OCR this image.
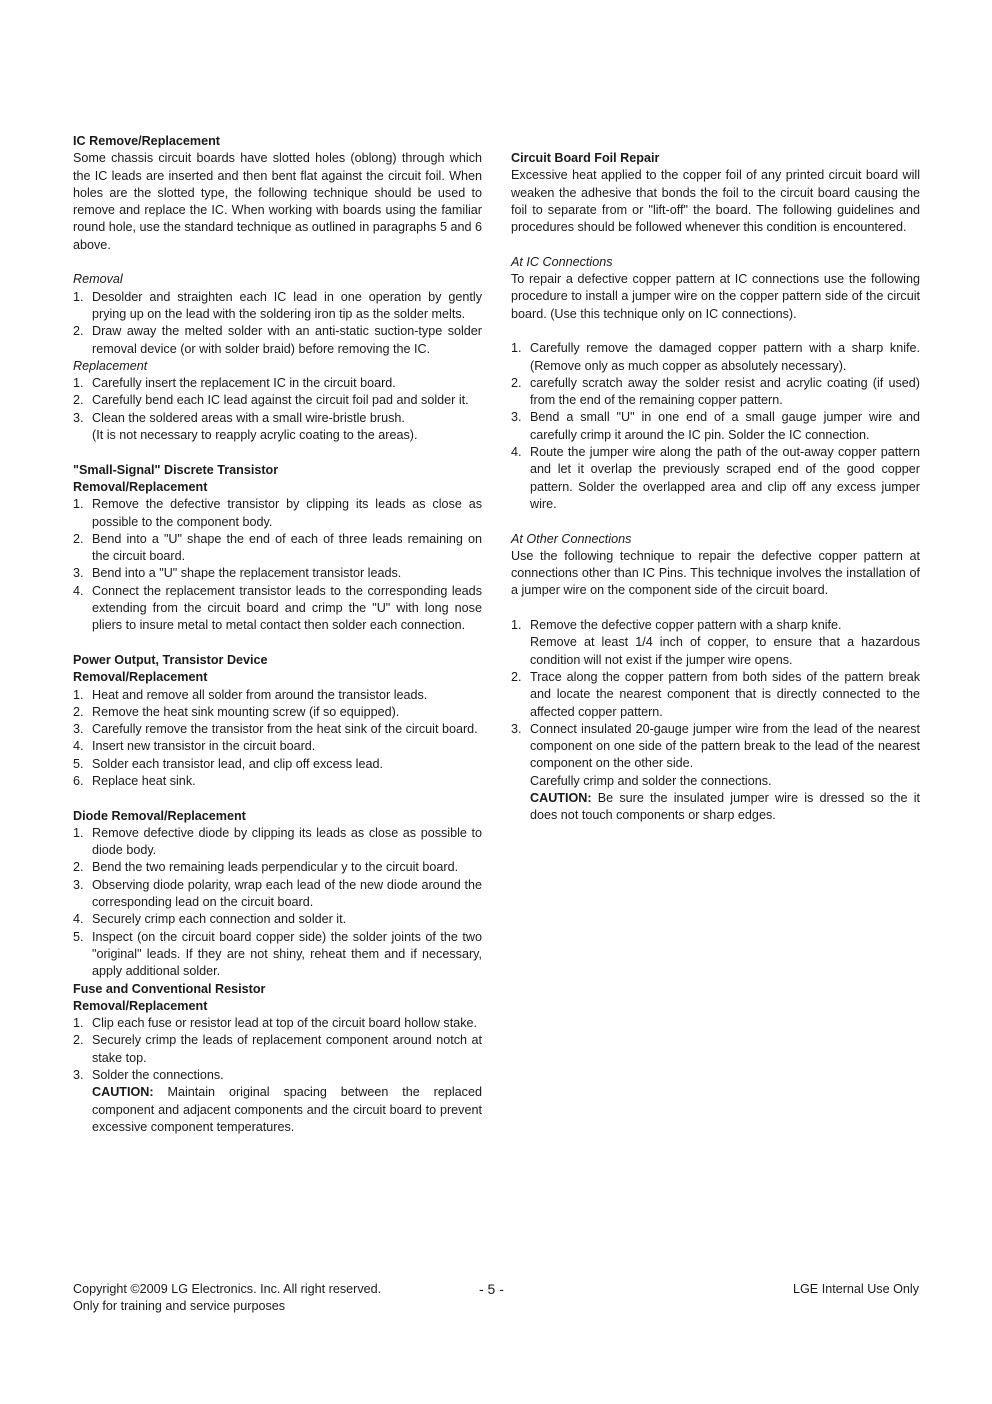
IC Remove/Replacement

Some chassis circuit boards have slotted holes (oblong) through which the IC leads are inserted and then bent flat against the circuit foil. When holes are the slotted type, the following technique should be used to remove and replace the IC. When working with boards using the familiar round hole, use the standard technique as outlined in paragraphs 5 and 6 above.

Removal
1. Desolder and straighten each IC lead in one operation by gently prying up on the lead with the soldering iron tip as the solder melts.
2. Draw away the melted solder with an anti-static suction-type solder removal device (or with solder braid) before removing the IC.
Replacement
1. Carefully insert the replacement IC in the circuit board.
2. Carefully bend each IC lead against the circuit foil pad and solder it.
3. Clean the soldered areas with a small wire-bristle brush.
(It is not necessary to reapply acrylic coating to the areas).
"Small-Signal" Discrete Transistor
Removal/Replacement
1. Remove the defective transistor by clipping its leads as close as possible to the component body.
2. Bend into a "U" shape the end of each of three leads remaining on the circuit board.
3. Bend into a "U" shape the replacement transistor leads.
4. Connect the replacement transistor leads to the corresponding leads extending from the circuit board and crimp the "U" with long nose pliers to insure metal to metal contact then solder each connection.
Power Output, Transistor Device
Removal/Replacement
1. Heat and remove all solder from around the transistor leads.
2. Remove the heat sink mounting screw (if so equipped).
3. Carefully remove the transistor from the heat sink of the circuit board.
4. Insert new transistor in the circuit board.
5. Solder each transistor lead, and clip off excess lead.
6. Replace heat sink.
Diode Removal/Replacement
1. Remove defective diode by clipping its leads as close as possible to diode body.
2. Bend the two remaining leads perpendicular y to the circuit board.
3. Observing diode polarity, wrap each lead of the new diode around the corresponding lead on the circuit board.
4. Securely crimp each connection and solder it.
5. Inspect (on the circuit board copper side) the solder joints of the two "original" leads. If they are not shiny, reheat them and if necessary, apply additional solder.
Fuse and Conventional Resistor
Removal/Replacement
1. Clip each fuse or resistor lead at top of the circuit board hollow stake.
2. Securely crimp the leads of replacement component around notch at stake top.
3. Solder the connections.
CAUTION: Maintain original spacing between the replaced component and adjacent components and the circuit board to prevent excessive component temperatures.
Circuit Board Foil Repair

Excessive heat applied to the copper foil of any printed circuit board will weaken the adhesive that bonds the foil to the circuit board causing the foil to separate from or "lift-off" the board. The following guidelines and procedures should be followed whenever this condition is encountered.

At IC Connections

To repair a defective copper pattern at IC connections use the following procedure to install a jumper wire on the copper pattern side of the circuit board. (Use this technique only on IC connections).

1. Carefully remove the damaged copper pattern with a sharp knife. (Remove only as much copper as absolutely necessary).
2. carefully scratch away the solder resist and acrylic coating (if used) from the end of the remaining copper pattern.
3. Bend a small "U" in one end of a small gauge jumper wire and carefully crimp it around the IC pin. Solder the IC connection.
4. Route the jumper wire along the path of the out-away copper pattern and let it overlap the previously scraped end of the good copper pattern. Solder the overlapped area and clip off any excess jumper wire.
At Other Connections

Use the following technique to repair the defective copper pattern at connections other than IC Pins. This technique involves the installation of a jumper wire on the component side of the circuit board.

1. Remove the defective copper pattern with a sharp knife.
Remove at least 1/4 inch of copper, to ensure that a hazardous condition will not exist if the jumper wire opens.
2. Trace along the copper pattern from both sides of the pattern break and locate the nearest component that is directly connected to the affected copper pattern.
3. Connect insulated 20-gauge jumper wire from the lead of the nearest component on one side of the pattern break to the lead of the nearest component on the other side.
Carefully crimp and solder the connections.
CAUTION: Be sure the insulated jumper wire is dressed so the it does not touch components or sharp edges.
Copyright ©2009 LG Electronics. Inc. All right reserved.
Only for training and service purposes
- 5 -	LGE Internal Use Only
